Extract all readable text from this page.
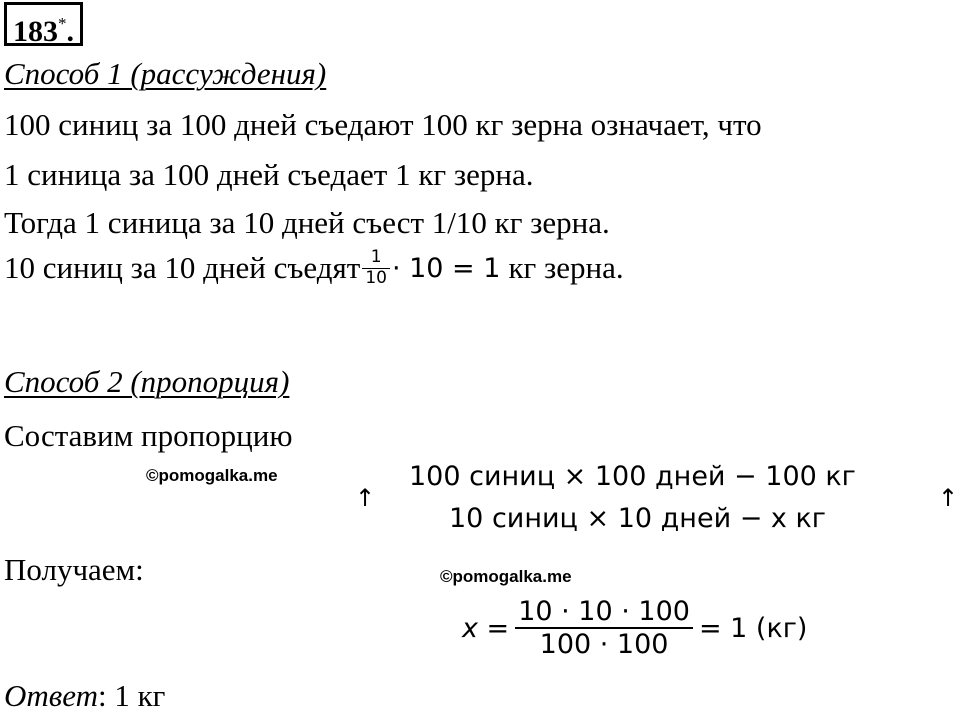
183*.
Способ 1 (рассуждения)
100 синиц за 100 дней съедают 100 кг зерна означает, что
1 синица за 100 дней съедает 1 кг зерна.
Тогда 1 синица за 10 дней съест 1/10 кг зерна.
10 синиц за 10 дней съедят $\frac{1}{10} \cdot 10 = 1$ кг зерна.
Способ 2 (пропорция)
Составим пропорцию
©pomogalka.me
↑
100 синиц × 100 дней − 100 кг
10 синиц × 10 дней − x кг
↑
Получаем:	©pomogalka.me
$x = \frac{10 \cdot 10 \cdot 100}{100 \cdot 100} = 1$ (кг)
Ответ: 1 кг
